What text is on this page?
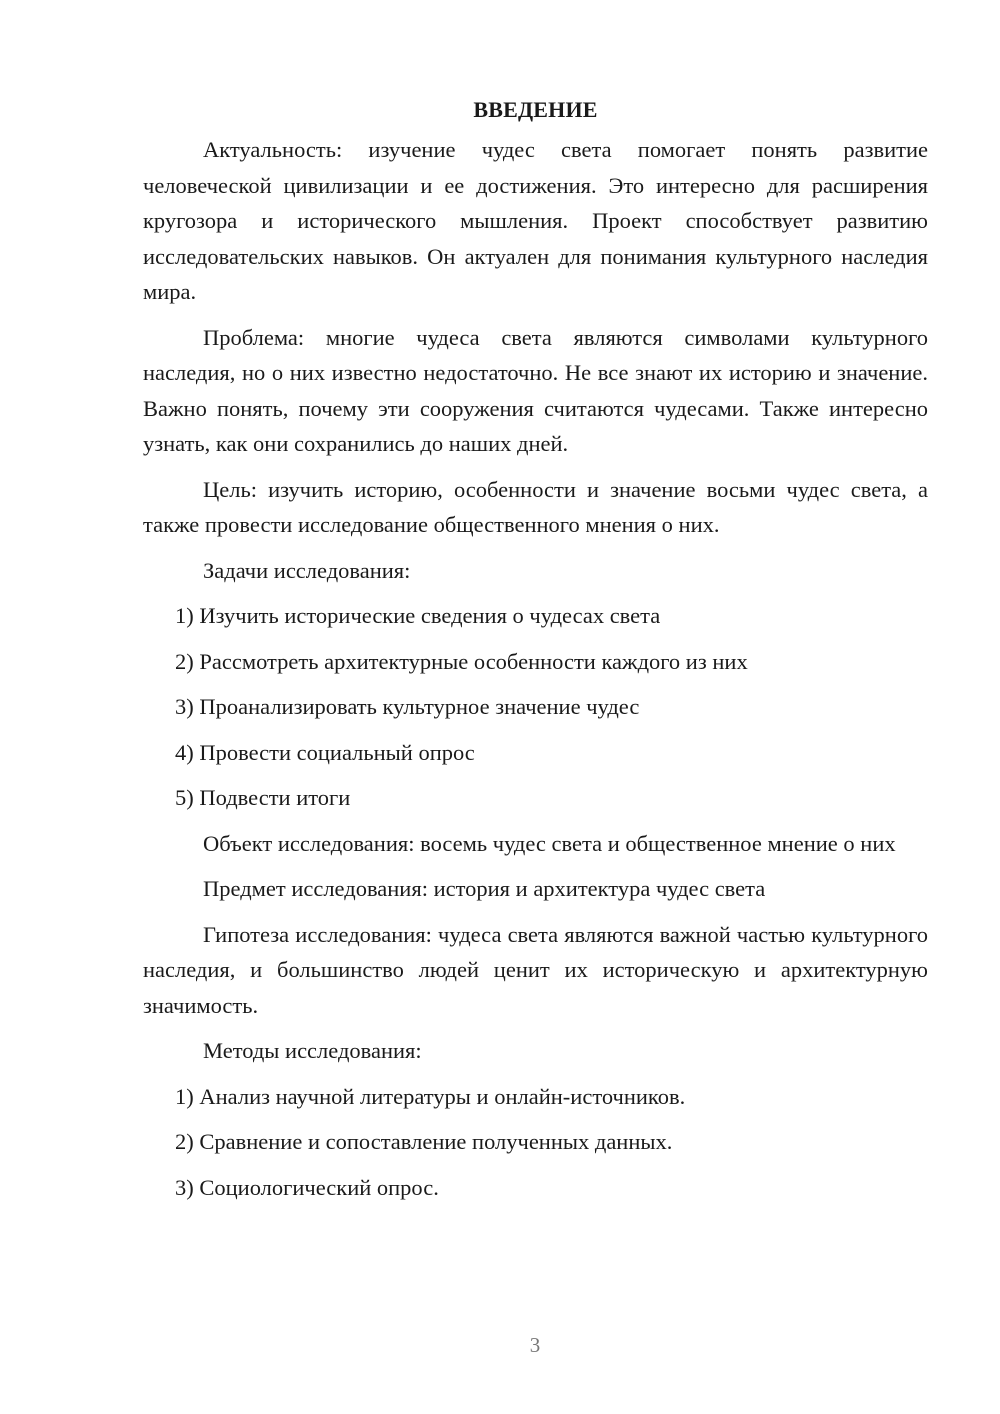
ВВЕДЕНИЕ

Актуальность: изучение чудес света помогает понять развитие человеческой цивилизации и ее достижения. Это интересно для расширения кругозора и исторического мышления. Проект способствует развитию исследовательских навыков. Он актуален для понимания культурного наследия мира.

Проблема: многие чудеса света являются символами культурного наследия, но о них известно недостаточно. Не все знают их историю и значение. Важно понять, почему эти сооружения считаются чудесами. Также интересно узнать, как они сохранились до наших дней.

Цель: изучить историю, особенности и значение восьми чудес света, а также провести исследование общественного мнения о них.

Задачи исследования:

1) Изучить исторические сведения о чудесах света

2) Рассмотреть архитектурные особенности каждого из них

3) Проанализировать культурное значение чудес

4) Провести социальный опрос

5) Подвести итоги

Объект исследования: восемь чудес света и общественное мнение о них

Предмет исследования: история и архитектура чудес света

Гипотеза исследования: чудеса света являются важной частью культурного наследия, и большинство людей ценит их историческую и архитектурную значимость.

Методы исследования:

1) Анализ научной литературы и онлайн-источников.

2) Сравнение и сопоставление полученных данных.

3) Социологический опрос.

3
